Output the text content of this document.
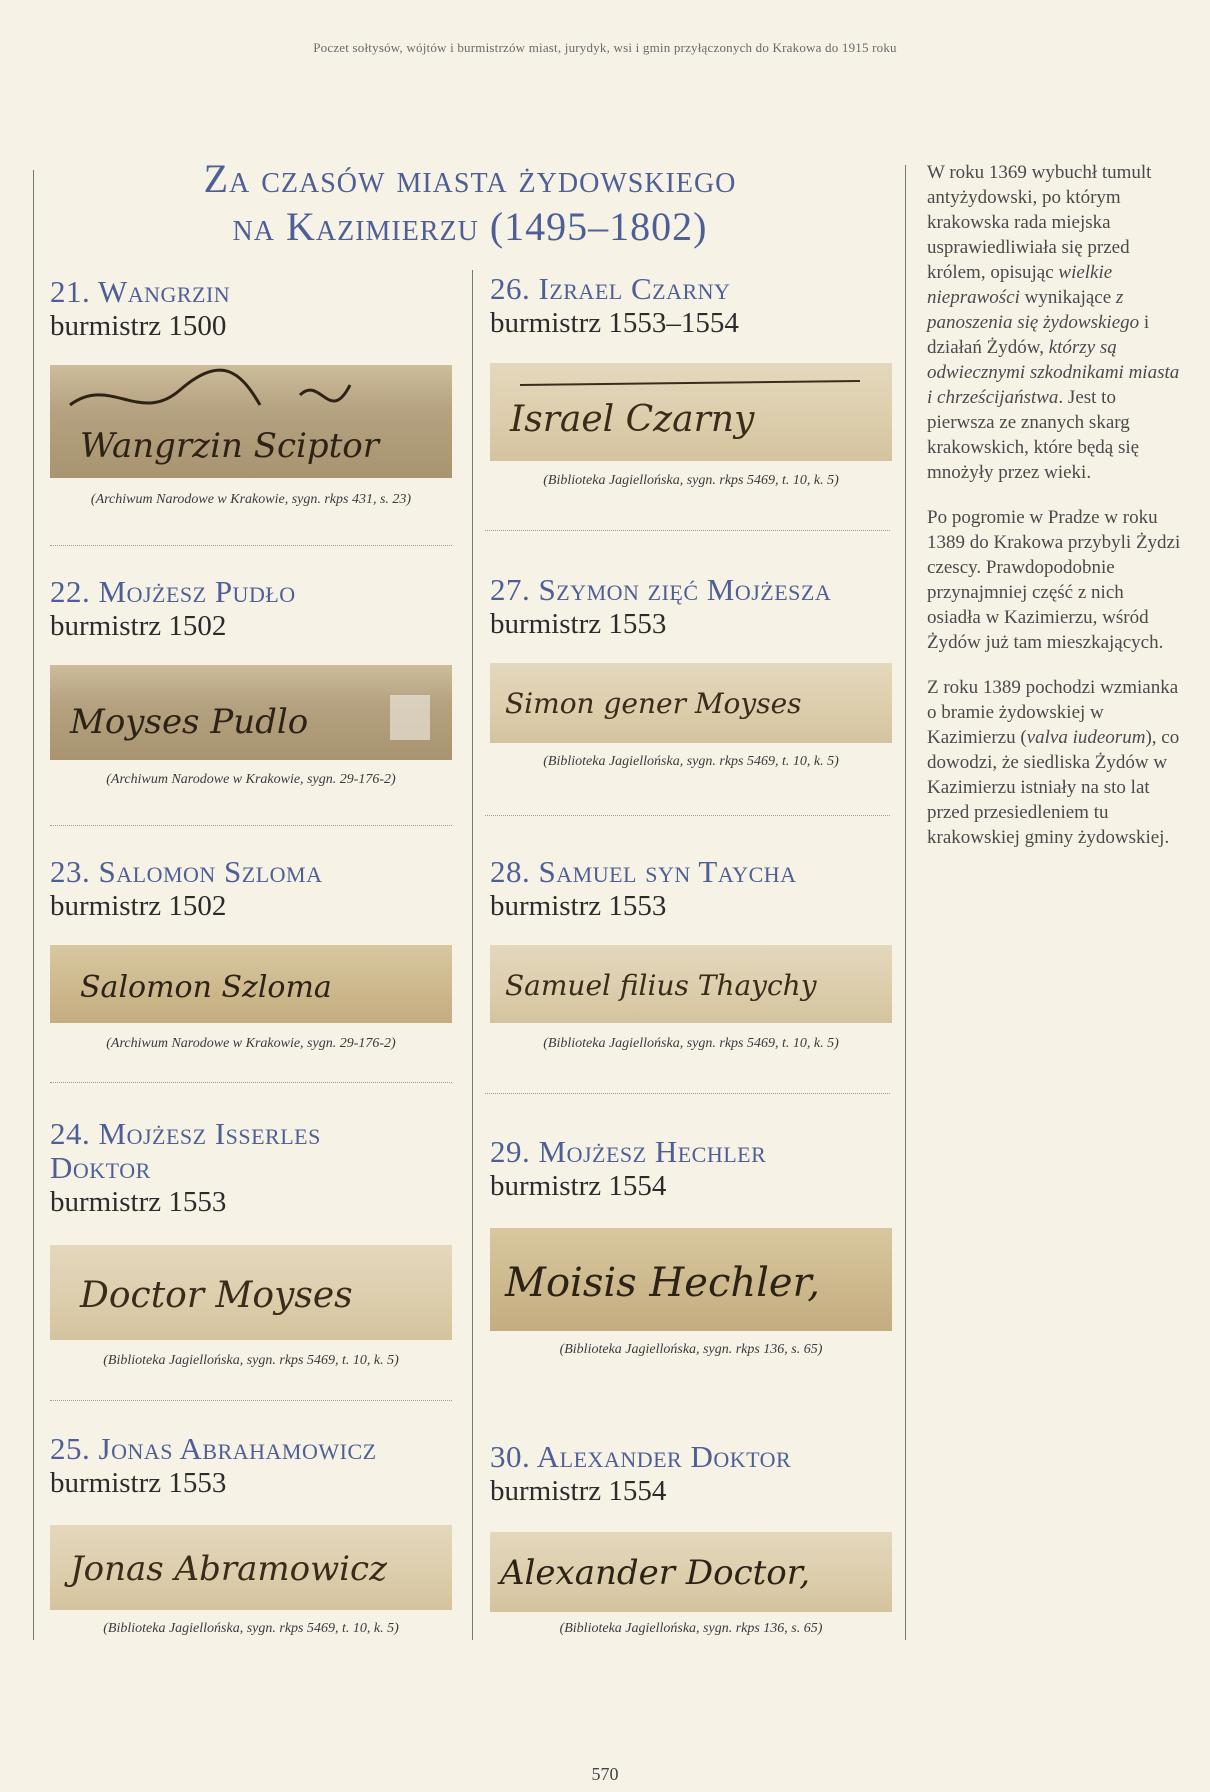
Poczet sołtysów, wójtów i burmistrzów miast, jurydyk, wsi i gmin przyłączonych do Krakowa do 1915 roku
Za czasów miasta żydowskiego
na Kazimierzu (1495–1802)
21. Wangrzin
burmistrz 1500
Wangrzin Sciptor
(Archiwum Narodowe w Krakowie, sygn. rkps 431, s. 23)
22. Mojżesz Pudło
burmistrz 1502
Moyses Pudlo
(Archiwum Narodowe w Krakowie, sygn. 29-176-2)
23. Salomon Szloma
burmistrz 1502
Salomon Szloma
(Archiwum Narodowe w Krakowie, sygn. 29-176-2)
24. Mojżesz Isserles
Doktor
burmistrz 1553
Doctor Moyses
(Biblioteka Jagiellońska, sygn. rkps 5469, t. 10, k. 5)
25. Jonas Abrahamowicz
burmistrz 1553
Jonas Abramowicz
(Biblioteka Jagiellońska, sygn. rkps 5469, t. 10, k. 5)
26. Izrael Czarny
burmistrz 1553–1554
Israel Czarny
(Biblioteka Jagiellońska, sygn. rkps 5469, t. 10, k. 5)
27. Szymon zięć Mojżesza
burmistrz 1553
Simon gener Moyses
(Biblioteka Jagiellońska, sygn. rkps 5469, t. 10, k. 5)
28. Samuel syn Taycha
burmistrz 1553
Samuel filius Thaychy
(Biblioteka Jagiellońska, sygn. rkps 5469, t. 10, k. 5)
29. Mojżesz Hechler
burmistrz 1554
Moisis Hechler,
(Biblioteka Jagiellońska, sygn. rkps 136, s. 65)
30. Alexander Doktor
burmistrz 1554
Alexander Doctor,
(Biblioteka Jagiellońska, sygn. rkps 136, s. 65)

W roku 1369 wybuchł tumult antyżydowski, po którym krakowska rada miejska usprawiedliwiała się przed królem, opisując wielkie nieprawości wynikające z panoszenia się żydowskiego i działań Żydów, którzy są odwiecznymi szkodnikami miasta i chrześcijaństwa. Jest to pierwsza ze znanych skarg krakowskich, które będą się mnożyły przez wieki.

Po pogromie w Pradze w roku 1389 do Krakowa przybyli Żydzi czescy. Prawdopodobnie przynajmniej część z nich osiadła w Kazimierzu, wśród Żydów już tam mieszkających.

Z roku 1389 pochodzi wzmianka o bramie żydowskiej w Kazimierzu (valva iudeorum), co dowodzi, że siedliska Żydów w Kazimierzu istniały na sto lat przed przesiedleniem tu krakowskiej gminy żydowskiej.

570
